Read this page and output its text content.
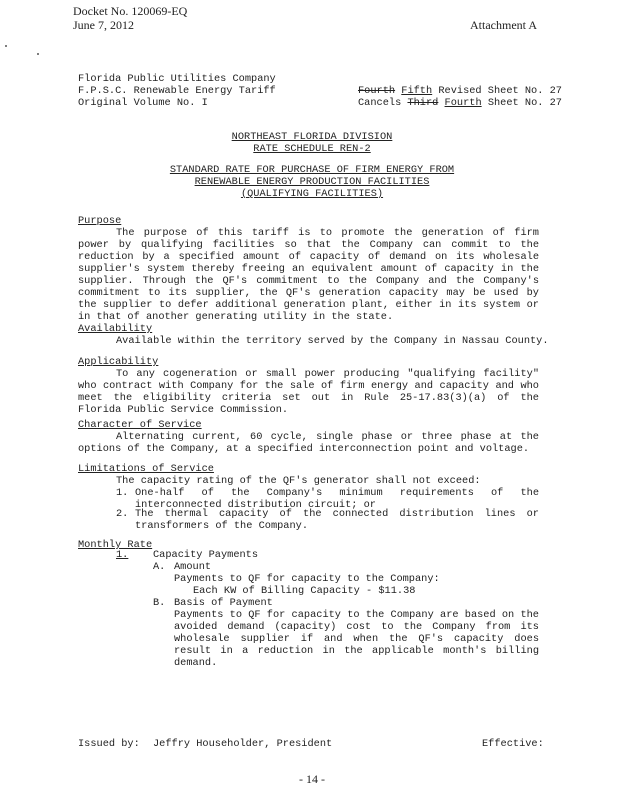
Docket No. 120069-EQ
June 7, 2012	Attachment A
Florida Public Utilities Company
F.P.S.C. Renewable Energy Tariff
Original Volume No. I
Fourth Fifth Revised Sheet No. 27
Cancels Third Fourth Sheet No. 27
NORTHEAST FLORIDA DIVISION
RATE SCHEDULE REN-2
STANDARD RATE FOR PURCHASE OF FIRM ENERGY FROM
RENEWABLE ENERGY PRODUCTION FACILITIES
(QUALIFYING FACILITIES)
Purpose
The purpose of this tariff is to promote the generation of firm power by qualifying facilities so that the Company can commit to the reduction by a specified amount of capacity of demand on its wholesale supplier's system thereby freeing an equivalent amount of capacity in the supplier. Through the QF's commitment to the Company and the Company's commitment to its supplier, the QF's generation capacity may be used by the supplier to defer additional generation plant, either in its system or in that of another generating utility in the state.
Availability
Available within the territory served by the Company in Nassau County.
Applicability
To any cogeneration or small power producing "qualifying facility" who contract with Company for the sale of firm energy and capacity and who meet the eligibility criteria set out in Rule 25-17.83(3)(a) of the Florida Public Service Commission.
Character of Service
Alternating current, 60 cycle, single phase or three phase at the options of the Company, at a specified interconnection point and voltage.
Limitations of Service
The capacity rating of the QF's generator shall not exceed:
1. One-half of the Company's minimum requirements of the interconnected distribution circuit; or
2. The thermal capacity of the connected distribution lines or transformers of the Company.
Monthly Rate
1. Capacity Payments
A. Amount
Payments to QF for capacity to the Company:
Each KW of Billing Capacity - $11.38
B. Basis of Payment
Payments to QF for capacity to the Company are based on the avoided demand (capacity) cost to the Company from its wholesale supplier if and when the QF's capacity does result in a reduction in the applicable month's billing demand.
Issued by: Jeffry Householder, President	Effective:
- 14 -
